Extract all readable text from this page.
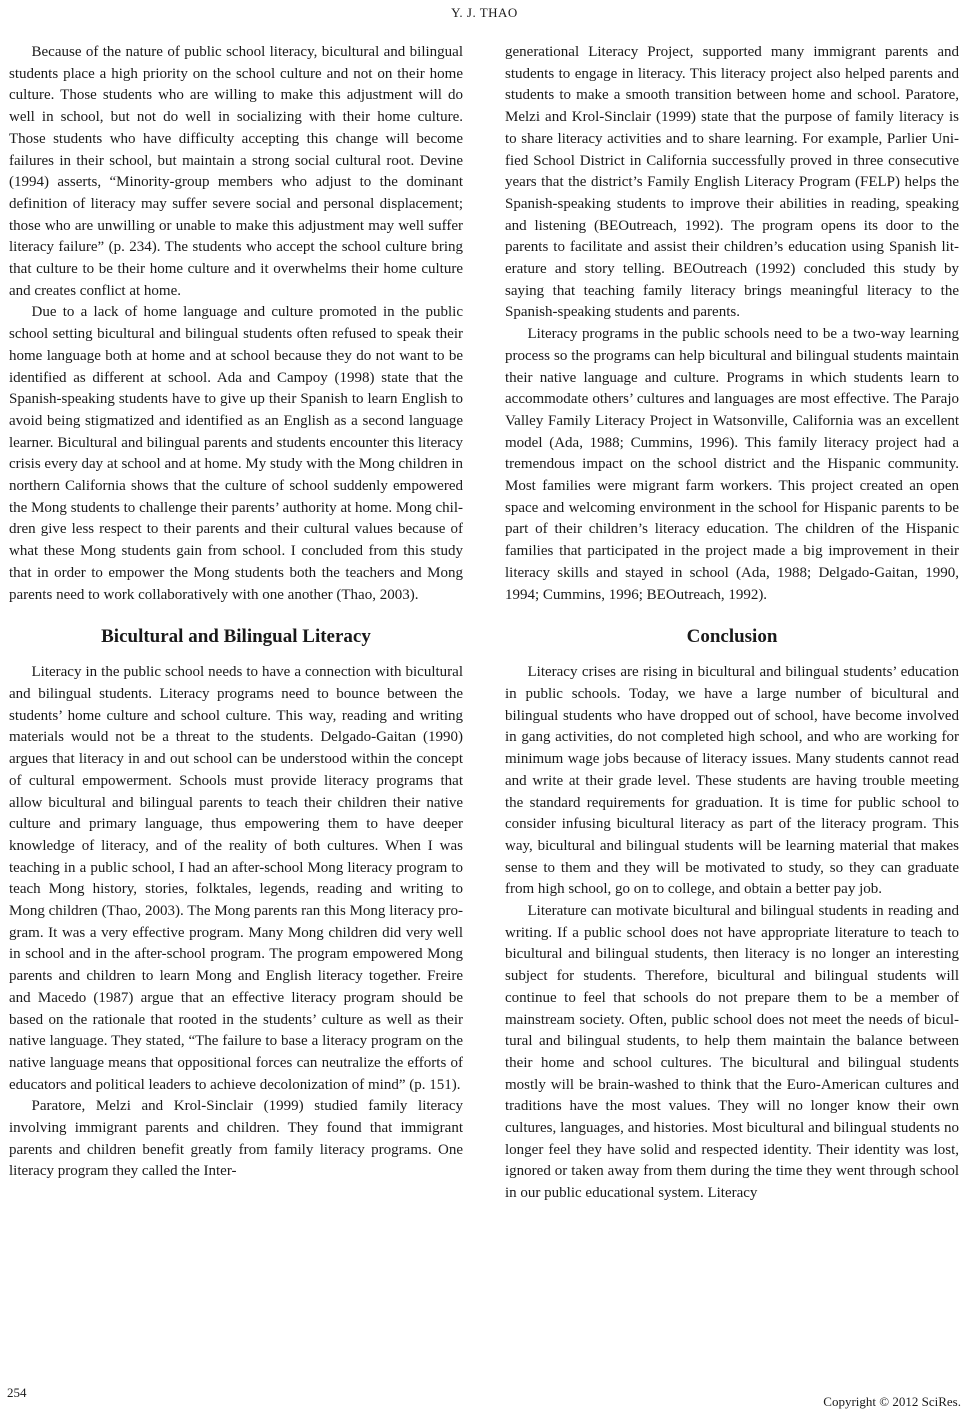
Y. J. THAO

Because of the nature of public school literacy, bicultural and bilingual students place a high priority on the school culture and not on their home culture. Those students who are willing to make this adjustment will do well in school, but not do well in socializing with their home culture. Those students who have difficulty accepting this change will become failures in their school, but maintain a strong social cultural root. Devine (1994) asserts, “Minority-group members who adjust to the dominant definition of literacy may suffer severe social and personal displacement; those who are unwilling or unable to make this adjustment may well suffer literacy failure” (p. 234). The students who accept the school culture bring that culture to be their home culture and it overwhelms their home culture and creates conflict at home.

Due to a lack of home language and culture promoted in the public school setting bicultural and bilingual students often refused to speak their home language both at home and at school because they do not want to be identified as different at school. Ada and Campoy (1998) state that the Spanish-speaking students have to give up their Spanish to learn English to avoid being stigmatized and identified as an English as a second language learner. Bicultural and bilingual parents and students encounter this literacy crisis every day at school and at home. My study with the Mong children in northern California shows that the culture of school suddenly empowered the Mong students to challenge their parents’ authority at home. Mong children give less respect to their parents and their cultural values because of what these Mong students gain from school. I concluded from this study that in order to empower the Mong students both the teachers and Mong parents need to work collaboratively with one another (Thao, 2003).

Bicultural and Bilingual Literacy

Literacy in the public school needs to have a connection with bicultural and bilingual students. Literacy programs need to bounce between the students’ home culture and school culture. This way, reading and writing materials would not be a threat to the students. Delgado-Gaitan (1990) argues that literacy in and out school can be understood within the concept of cultural empowerment. Schools must provide literacy programs that allow bicultural and bilingual parents to teach their children their native culture and primary language, thus empowering them to have deeper knowledge of literacy, and of the reality of both cultures. When I was teaching in a public school, I had an after-school Mong literacy program to teach Mong history, stories, folktales, legends, reading and writing to Mong children (Thao, 2003). The Mong parents ran this Mong literacy program. It was a very effective program. Many Mong children did very well in school and in the after-school program. The program empowered Mong parents and children to learn Mong and English literacy together. Freire and Macedo (1987) argue that an effective literacy program should be based on the rationale that rooted in the students’ culture as well as their native language. They stated, “The failure to base a literacy program on the native language means that oppositional forces can neutralize the efforts of educators and political leaders to achieve decolonization of mind” (p. 151).

Paratore, Melzi and Krol-Sinclair (1999) studied family literacy involving immigrant parents and children. They found that immigrant parents and children benefit greatly from family literacy programs. One literacy program they called the Inter-

generational Literacy Project, supported many immigrant parents and students to engage in literacy. This literacy project also helped parents and students to make a smooth transition between home and school. Paratore, Melzi and Krol-Sinclair (1999) state that the purpose of family literacy is to share literacy activities and to share learning. For example, Parlier Unified School District in California successfully proved in three consecutive years that the district’s Family English Literacy Program (FELP) helps the Spanish-speaking students to improve their abilities in reading, speaking and listening (BEOutreach, 1992). The program opens its door to the parents to facilitate and assist their children’s education using Spanish literature and story telling. BEOutreach (1992) concluded this study by saying that teaching family literacy brings meaningful literacy to the Spanish-speaking students and parents.

Literacy programs in the public schools need to be a two-way learning process so the programs can help bicultural and bilingual students maintain their native language and culture. Programs in which students learn to accommodate others’ cultures and languages are most effective. The Parajo Valley Family Literacy Project in Watsonville, California was an excellent model (Ada, 1988; Cummins, 1996). This family literacy project had a tremendous impact on the school district and the Hispanic community. Most families were migrant farm workers. This project created an open space and welcoming environment in the school for Hispanic parents to be part of their children’s literacy education. The children of the Hispanic families that participated in the project made a big improvement in their literacy skills and stayed in school (Ada, 1988; Delgado-Gaitan, 1990, 1994; Cummins, 1996; BEOutreach, 1992).

Conclusion

Literacy crises are rising in bicultural and bilingual students’ education in public schools. Today, we have a large number of bicultural and bilingual students who have dropped out of school, have become involved in gang activities, do not completed high school, and who are working for minimum wage jobs because of literacy issues. Many students cannot read and write at their grade level. These students are having trouble meeting the standard requirements for graduation. It is time for public school to consider infusing bicultural literacy as part of the literacy program. This way, bicultural and bilingual students will be learning material that makes sense to them and they will be motivated to study, so they can graduate from high school, go on to college, and obtain a better pay job.

Literature can motivate bicultural and bilingual students in reading and writing. If a public school does not have appropriate literature to teach to bicultural and bilingual students, then literacy is no longer an interesting subject for students. Therefore, bicultural and bilingual students will continue to feel that schools do not prepare them to be a member of mainstream society. Often, public school does not meet the needs of bicultural and bilingual students, to help them maintain the balance between their home and school cultures. The bicultural and bilingual students mostly will be brain-washed to think that the Euro-American cultures and traditions have the most values. They will no longer know their own cultures, languages, and histories. Most bicultural and bilingual students no longer feel they have solid and respected identity. Their identity was lost, ignored or taken away from them during the time they went through school in our public educational system. Literacy

254
Copyright © 2012 SciRes.
